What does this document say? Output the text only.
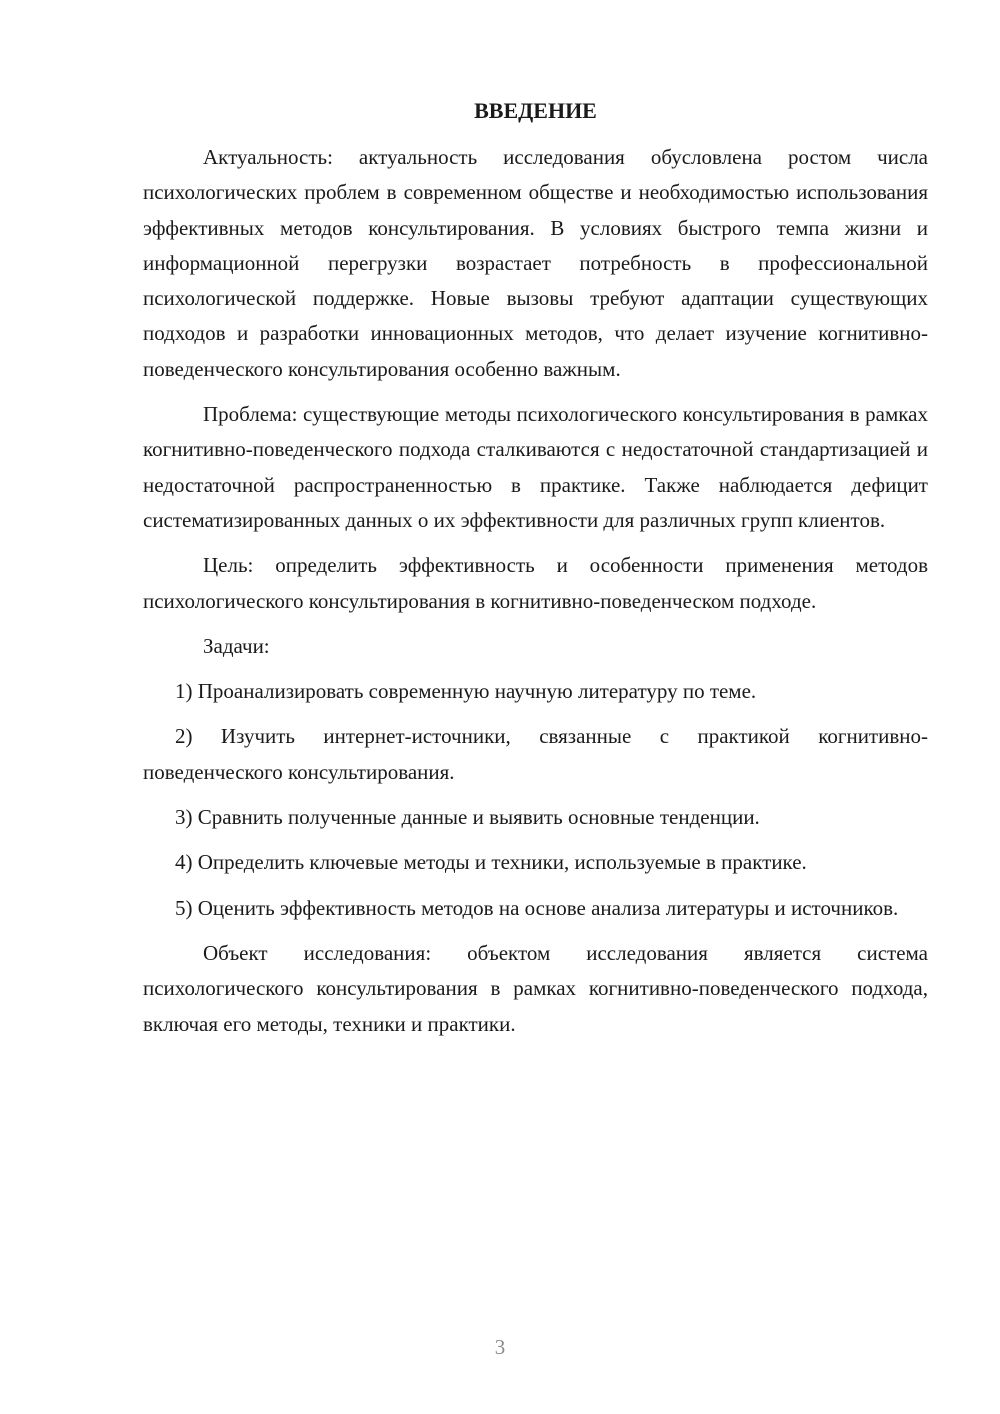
ВВЕДЕНИЕ

Актуальность: актуальность исследования обусловлена ростом числа психологических проблем в современном обществе и необходимостью использования эффективных методов консультирования. В условиях быстрого темпа жизни и информационной перегрузки возрастает потребность в профессиональной психологической поддержке. Новые вызовы требуют адаптации существующих подходов и разработки инновационных методов, что делает изучение когнитивно-поведенческого консультирования особенно важным.

Проблема: существующие методы психологического консультирования в рамках когнитивно-поведенческого подхода сталкиваются с недостаточной стандартизацией и недостаточной распространенностью в практике. Также наблюдается дефицит систематизированных данных о их эффективности для различных групп клиентов.

Цель: определить эффективность и особенности применения методов психологического консультирования в когнитивно-поведенческом подходе.

Задачи:

1) Проанализировать современную научную литературу по теме.

2) Изучить интернет-источники, связанные с практикой когнитивно-поведенческого консультирования.

3) Сравнить полученные данные и выявить основные тенденции.

4) Определить ключевые методы и техники, используемые в практике.

5) Оценить эффективность методов на основе анализа литературы и источников.

Объект исследования: объектом исследования является система психологического консультирования в рамках когнитивно-поведенческого подхода, включая его методы, техники и практики.

3
